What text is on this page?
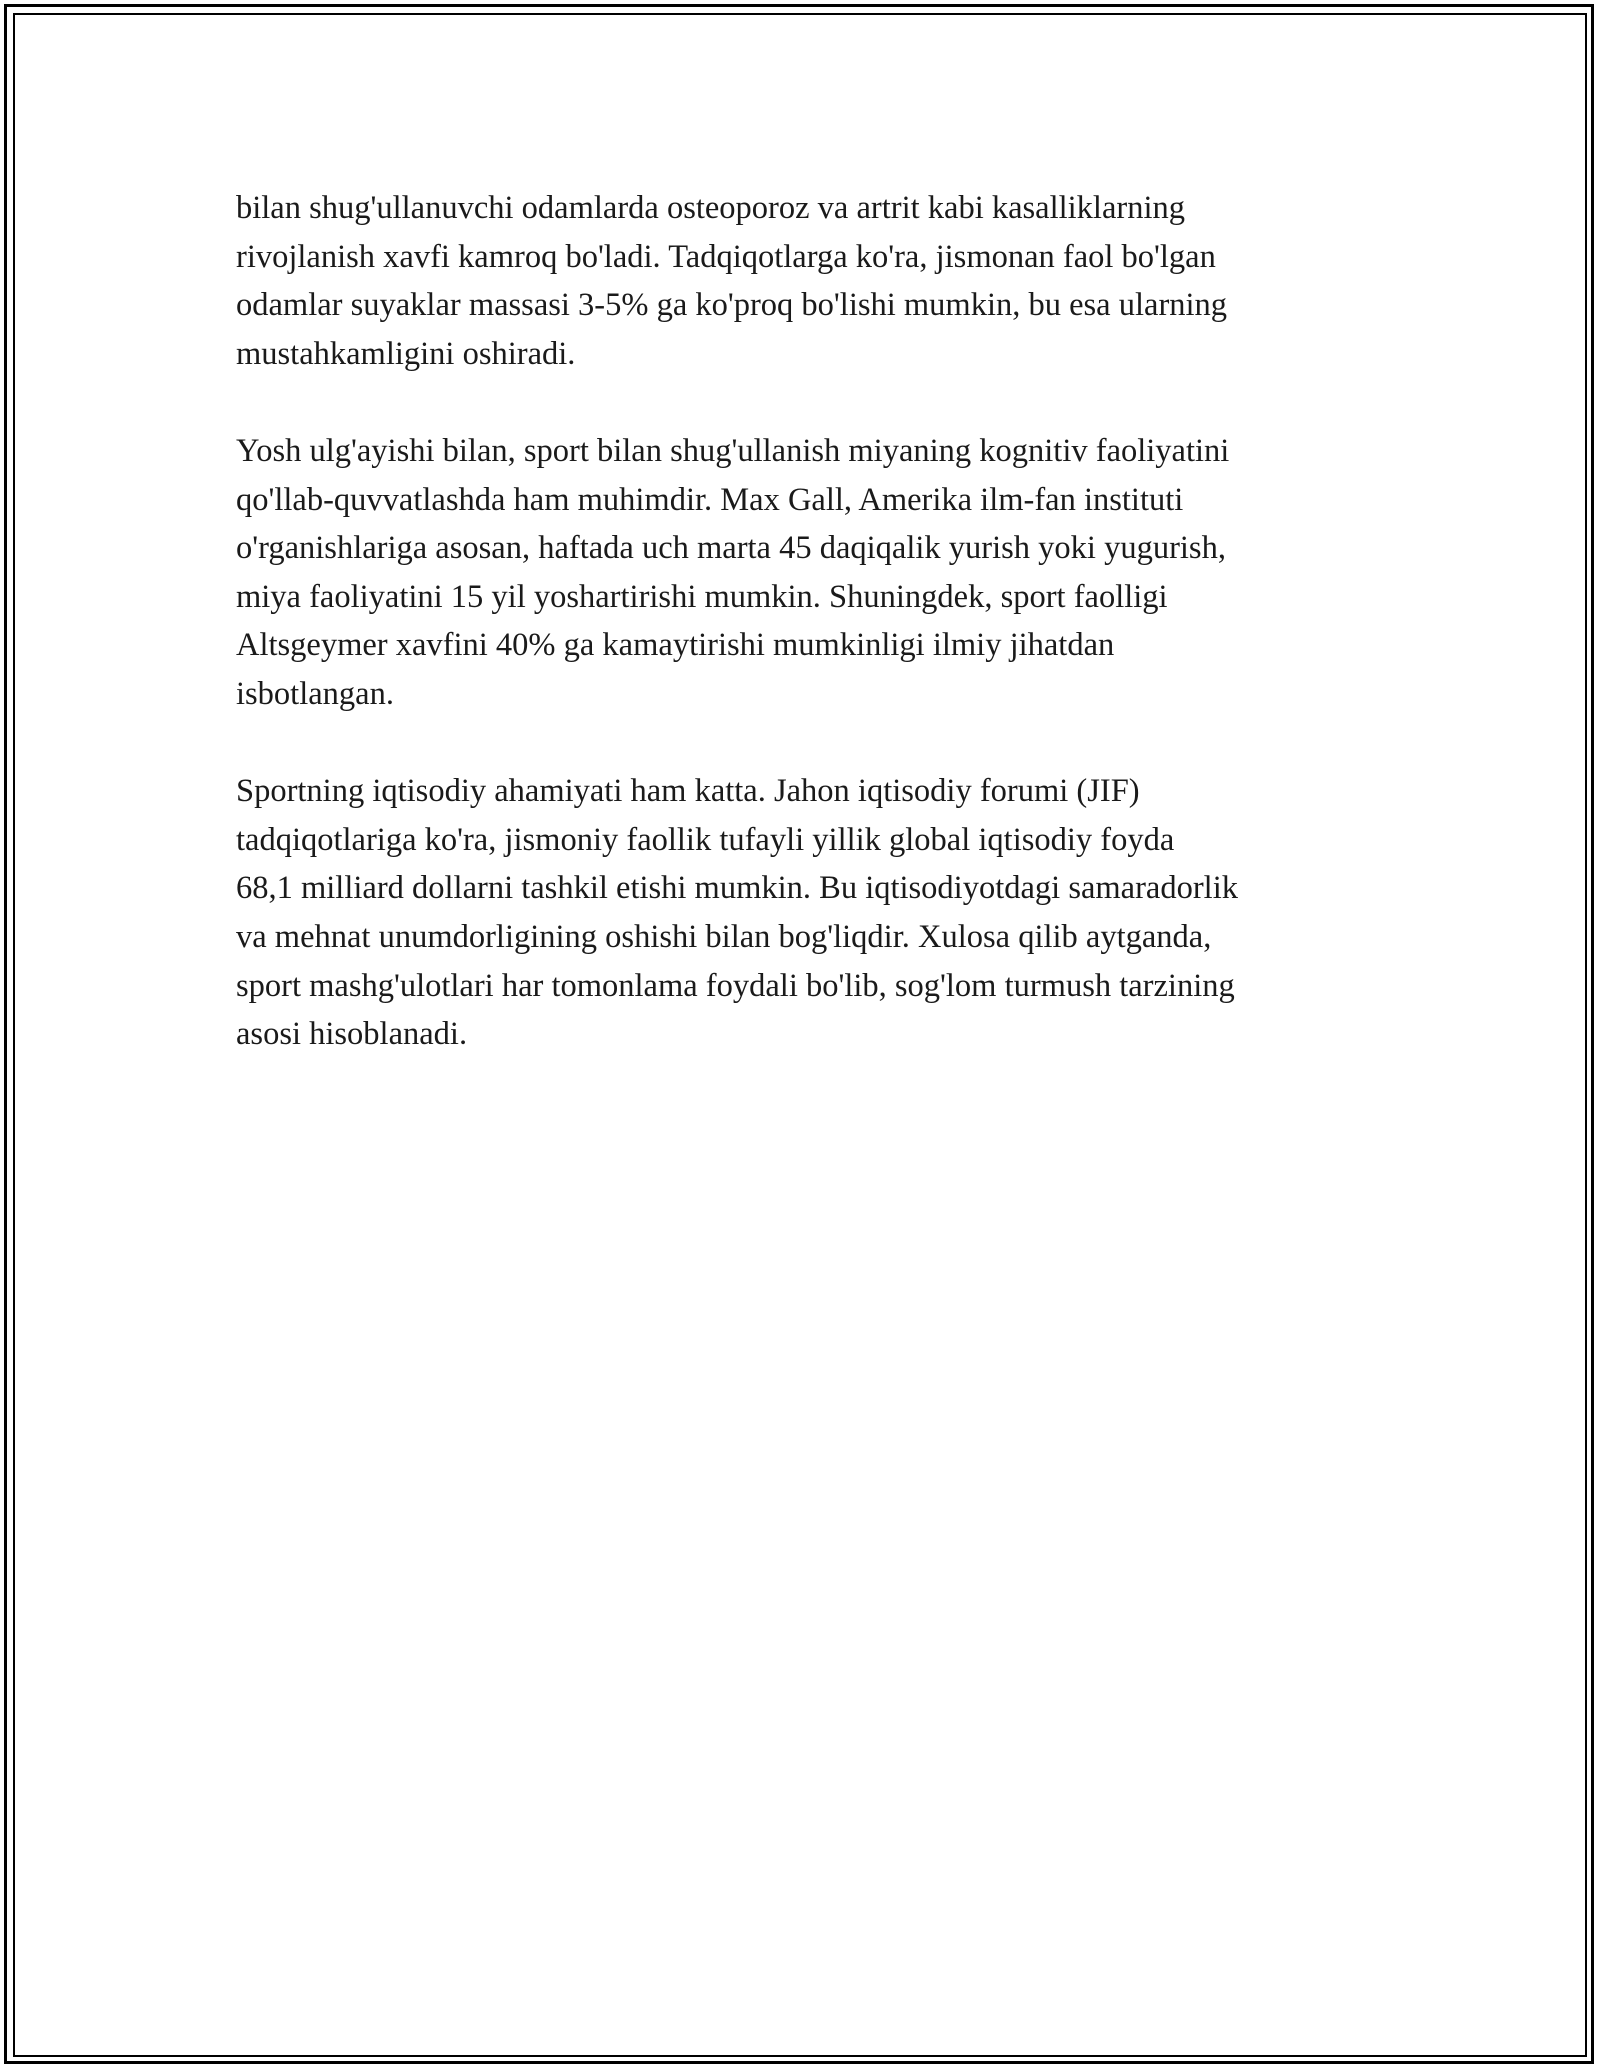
bilan shug'ullanuvchi odamlarda osteoporoz va artrit kabi kasalliklarning
rivojlanish xavfi kamroq bo'ladi. Tadqiqotlarga ko'ra, jismonan faol bo'lgan
odamlar suyaklar massasi 3-5% ga ko'proq bo'lishi mumkin, bu esa ularning
mustahkamligini oshiradi.

Yosh ulg'ayishi bilan, sport bilan shug'ullanish miyaning kognitiv faoliyatini
qo'llab-quvvatlashda ham muhimdir. Max Gall, Amerika ilm-fan instituti
o'rganishlariga asosan, haftada uch marta 45 daqiqalik yurish yoki yugurish,
miya faoliyatini 15 yil yoshartirishi mumkin. Shuningdek, sport faolligi
Altsgeymer xavfini 40% ga kamaytirishi mumkinligi ilmiy jihatdan
isbotlangan.

Sportning iqtisodiy ahamiyati ham katta. Jahon iqtisodiy forumi (JIF)
tadqiqotlariga ko'ra, jismoniy faollik tufayli yillik global iqtisodiy foyda
68,1 milliard dollarni tashkil etishi mumkin. Bu iqtisodiyotdagi samaradorlik
va mehnat unumdorligining oshishi bilan bog'liqdir. Xulosa qilib aytganda,
sport mashg'ulotlari har tomonlama foydali bo'lib, sog'lom turmush tarzining
asosi hisoblanadi.
